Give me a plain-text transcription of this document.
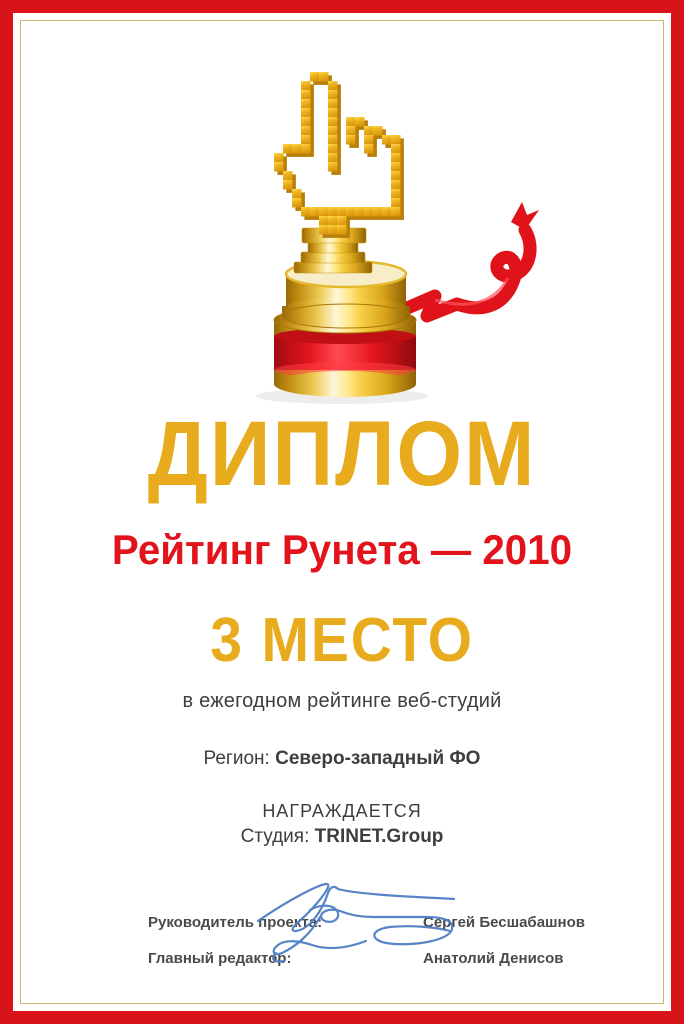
ДИПЛОМ
Рейтинг Рунета — 2010
3 МЕСТО
в ежегодном рейтинге веб-студий
Регион: Северо-западный ФО
НАГРАЖДАЕТСЯ
Студия: TRINET.Group
Руководитель проекта:	Сергей Бесшабашнов
Главный редактор:	Анатолий Денисов
